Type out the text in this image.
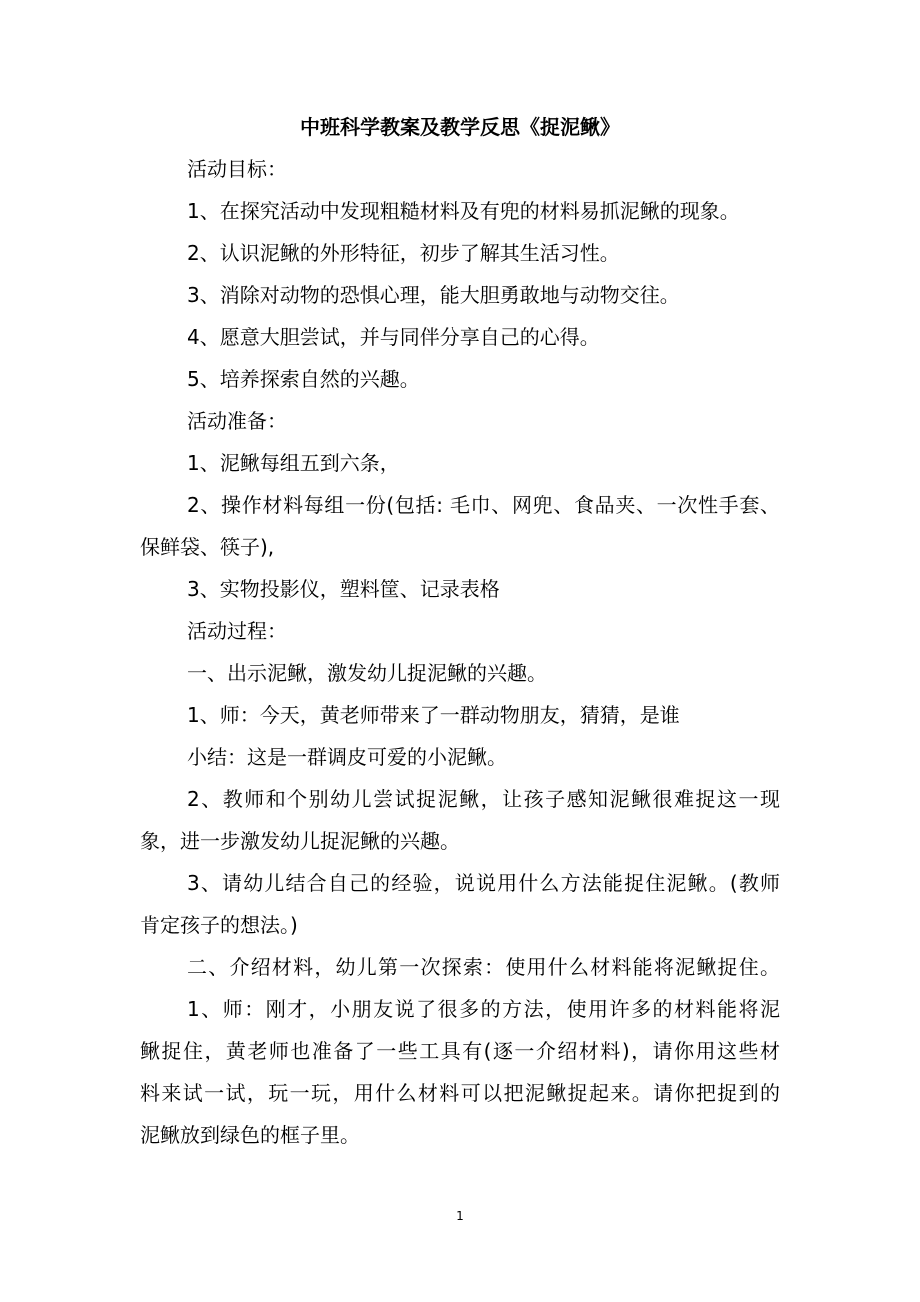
中班科学教案及教学反思《捉泥鳅》
活动目标：
1、在探究活动中发现粗糙材料及有兜的材料易抓泥鳅的现象。
2、认识泥鳅的外形特征，初步了解其生活习性。
3、消除对动物的恐惧心理，能大胆勇敢地与动物交往。
4、愿意大胆尝试，并与同伴分享自己的心得。
5、培养探索自然的兴趣。
活动准备：
1、泥鳅每组五到六条，
2、操作材料每组一份(包括: 毛巾、网兜、食品夹、一次性手套、
保鲜袋、筷子),
3、实物投影仪，塑料筐、记录表格
活动过程：
一、出示泥鳅，激发幼儿捉泥鳅的兴趣。
1、师：今天，黄老师带来了一群动物朋友，猜猜，是谁
小结：这是一群调皮可爱的小泥鳅。
2、教师和个别幼儿尝试捉泥鳅，让孩子感知泥鳅很难捉这一现
象，进一步激发幼儿捉泥鳅的兴趣。
3、请幼儿结合自己的经验，说说用什么方法能捉住泥鳅。(教师
肯定孩子的想法。)
二、介绍材料，幼儿第一次探索：使用什么材料能将泥鳅捉住。
1、师：刚才，小朋友说了很多的方法，使用许多的材料能将泥
鳅捉住，黄老师也准备了一些工具有(逐一介绍材料)，请你用这些材
料来试一试，玩一玩，用什么材料可以把泥鳅捉起来。请你把捉到的
泥鳅放到绿色的框子里。
1
